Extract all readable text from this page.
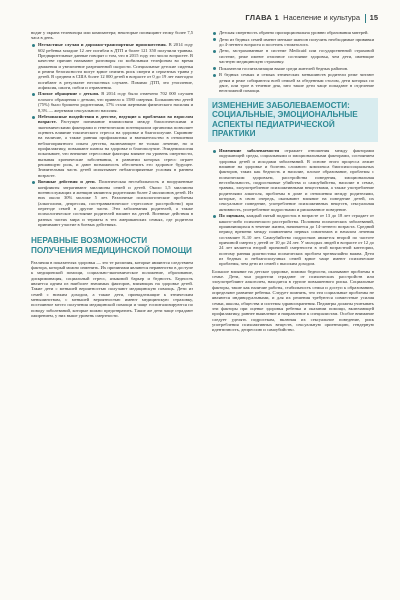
ГЛАВА 1 Население и культура 15

водят у экрана телевизора или компьютера; некоторые посвящают этому более 7,5 часа в день.

Несчастные случаи и дорожно-транспортные происшествия. В 2014 году 602 ребенка младше 12 лет погибли в ДТП и более 121 350 получили травмы. Предварительные данные говорят о том, что в 2015 году это число возрастет. В качестве причин называют разговоры по мобильным телефонам во время движения и увеличение разрешенной скорости. Специальные детские сиденья и ремни безопасности могут вдвое снизить риск смерти и серьезных травм у детей. В среднем в США более 12 000 детей в возрасте от 0 до 19 лет ежегодно погибают в результате несчастных случаев. Помимо ДТП, это утопление, асфиксия, ожоги, побои и отравления.
Плохое обращение с детьми. В 2014 году было отмечено 702 000 случаев плохого обращения с детьми, что привело к 1580 смертям. Большинство детей (75%) было брошено родителями, 17% стали жертвами физического насилия и 8,3% — жертвами сексуального насилия.
Небезопасные воздействия в детстве, ведущие к проблемам во взрослом возрасте. Растущее понимание взаимосвязи между биологическими и экономическими факторами и генетическим потенциалом организма позволяет оценить влияние токсического стресса на здоровье и благополучие. Скрининг на наличие, а также ранняя профилактика и вмешательство в отношении неблагоприятного опыта детства, включающее не только лечение, но и профилактику, повышают шансы на здоровье и благополучие. Эпидемиология показывает, что внешние стрессовые факторы влияют на уровень смертности, вызывая хронические заболевания, в развитии которых стресс играет решающую роль, и дают возможность обеспечить его здоровое будущее. Значительная часть детей испытывает неблагоприятные условия в раннем возрасте.
Военные действия и дети. Политическая нестабильность и вооруженные конфликты затрагивают миллионы семей и детей. Около 1,5 миллиона военнослужащих и женщин являются родителями более 2 миллионов детей. Из них около 30% моложе 5 лет. Различные психологические проблемы (алкоголизм, депрессия, посттравматическое стрессовое расстройство) при переезде семей в другие части. Эти заболевания родителей, а также психологическое состояние родителей влияют на детей. Военные действия в разных частях мира и теракты в тех американских семьях, где родители принимают участие в боевых действиях.
НЕРАВНЫЕ ВОЗМОЖНОСТИ ПОЛУЧЕНИЯ МЕДИЦИНСКОЙ ПОМОЩИ

Различия в показателях здоровья — это те различия, которые являются следствием фактора, который можно изменить. Их причинами являются неравенство в доступе к медицинской помощи, социально-экономическое положение, образование, дискриминация, социальный стресс, языковой барьер и бедность. Бедность является одним из наиболее значимых факторов, влияющих на здоровье детей. Такие дети с меньшей вероятностью получают медицинскую помощь. Дети из семей с низким доходом, а также дети, принадлежащие к этническим меньшинствам, с меньшей вероятностью имеют медицинскую страховку, постоянное место получения медицинской помощи и чаще госпитализируются по поводу заболеваний, которые можно предотвратить. Такие же дети чаще страдают ожирением, у них выше уровень смертности.

Детская смертность обратно пропорциональна уровню образования матерей.
Дети из бедных семей имеют меньше шансов получить необходимые прививки до 4-летнего возраста и посетить стоматолога.
Дети, застрахованные в системе Medicaid или государственной страховой системе, реже имеют отличное состояние здоровья, чем дети, имеющие частную медицинскую страховку.
Показатели госпитализации выше среди жителей бедных районов.
В бедных семьях и семьях этнических меньшинств родители реже читают детям и реже собираются всей семьей за обеденным столом, дети которых по двое, или трое в течение дня, зато такие дети чаще попадают в отделение неотложной помощи.
ИЗМЕНЕНИЕ ЗАБОЛЕВАЕМОСТИ: СОЦИАЛЬНЫЕ, ЭМОЦИОНАЛЬНЫЕ АСПЕКТЫ ПЕДИАТРИЧЕСКОЙ ПРАКТИКИ
Изменение заболеваемости отражает отношения между факторами окружающей среды, социальными и эмоциональными факторами, состоянием здоровья детей и исходами заболеваний. В основе этого процесса лежит влияние на здоровье и болезнь сложного комплекса биопсихосоциальных факторов, таких как бедность и насилие, плохое образование, проблемы с психическим здоровьем, расстройства поведения, эмоциональная нестабильность, подростковые убийства и самоубийства, насилие в семье, травмы, злоупотребление психоактивными веществами, а также употребление родителями алкоголя, проблемы в доме и отношения между родителями, которые, в свою очередь, оказывают влияние на поведение детей, их сексуальное поведение, употребление психоактивных веществ, сексуальная активность, употребление подростками и рискованное поведение.
По оценкам, каждый пятый подросток в возрасте от 13 до 18 лет страдает от какого-либо психического расстройства. Половина психических заболеваний, проявляющихся в течение жизни, начинается до 14-летнего возраста. Средний период времени между появлением первых симптомов и началом лечения составляет 8–10 лет. Самоубийство подростков является второй по частоте причиной смерти у детей от 10 до 24 лет. У молодых людей в возрасте от 12 до 24 лет является второй причиной смертности в этой возрастной категории, поэтому ранняя диагностика психических проблем чрезвычайно важна. Дети из бедных и неблагополучных семей вдвое чаще имеют психические проблемы, чем дети из семей с высоким доходом.

Большое влияние на детское здоровье, помимо бедности, оказывают проблемы в семье. Дети, чьи родители страдают от психических расстройств или злоупотребляют алкоголем, находятся в группе повышенного риска. Социальные факторы, такие как наличие работы, стабильность семьи и доступ к образованию, определяют развитие ребенка. Следует помнить, что эти социальные проблемы не являются индивидуальными, и для их решения требуются совместные усилия семьи, школы, общества и системы здравоохранения. Педиатры должны учитывать эти факторы при оценке здоровья ребенка и оказании помощи, включающей профилактику, раннее выявление и направление к специалистам. Особое внимание следует уделять подросткам, включая их сексуальное поведение, риск употребления психоактивных веществ, сексуальную ориентацию, гендерную идентичность, депрессию и самоубийство.
